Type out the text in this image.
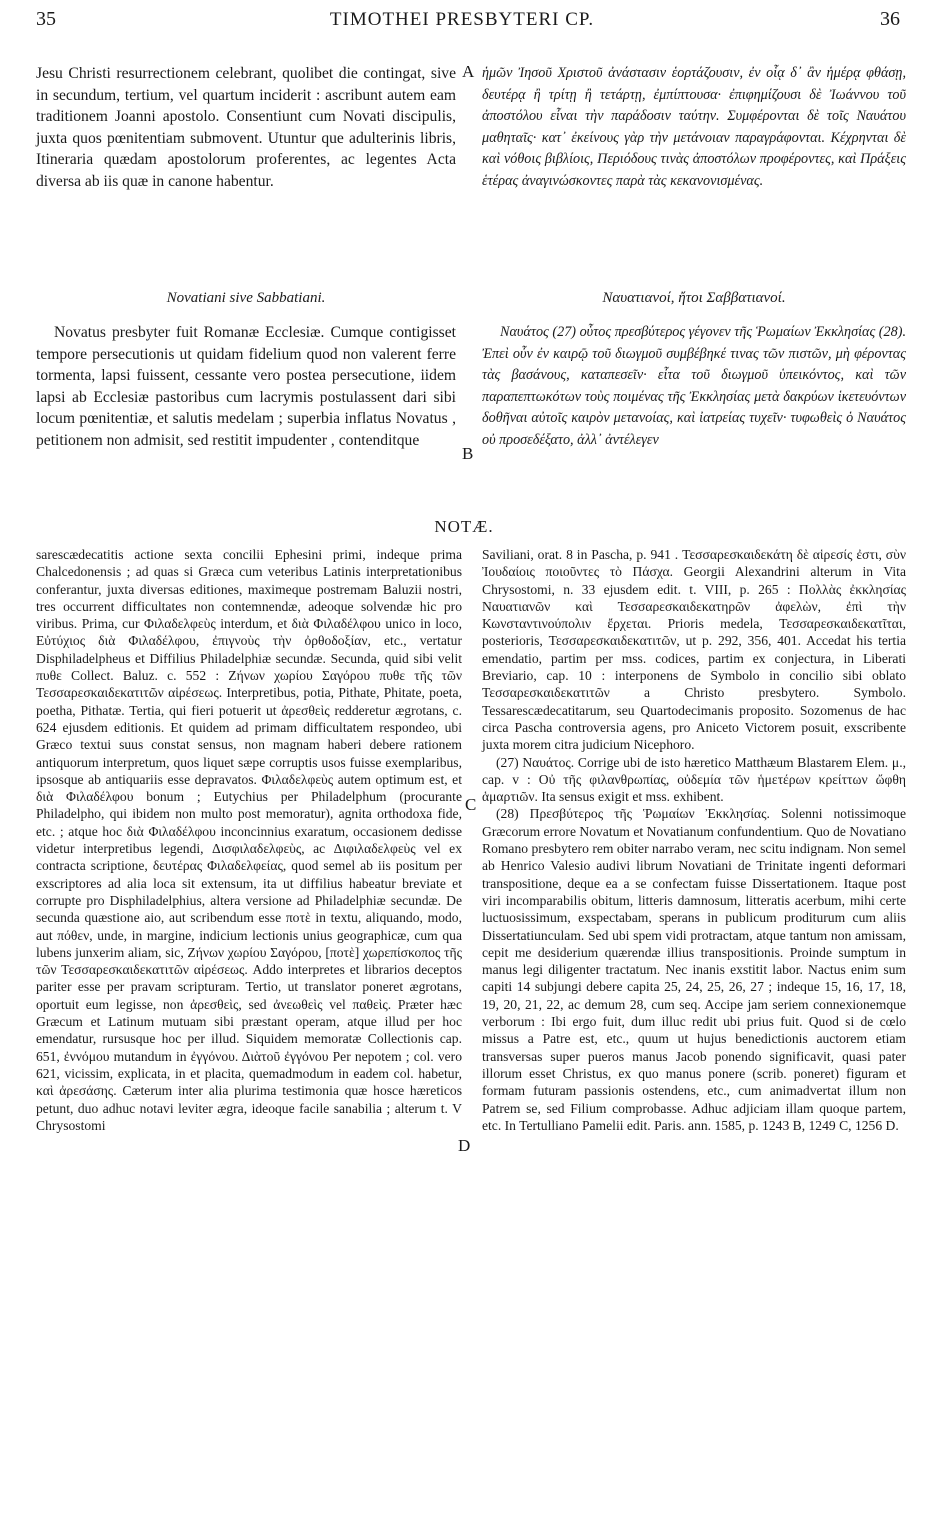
35	TIMOTHEI PRESBYTERI CP.	36
A
B
C
D

Jesu Christi resurrectionem celebrant, quolibet die contingat, sive in secundum, tertium, vel quartum inciderit : ascribunt autem eam traditionem Joanni apostolo. Consentiunt cum Novati discipulis, juxta quos pœnitentiam submovent. Utuntur que adulterinis libris, Itineraria quædam apostolorum proferentes, ac legentes Acta diversa ab iis quæ in canone habentur.

ἡμῶν Ἰησοῦ Χριστοῦ ἀνάστασιν ἑορτάζουσιν, ἐν οἷᾳ δ᾽ ἂν ἡμέρᾳ φθάσῃ, δευτέρᾳ ἢ τρίτῃ ἢ τετάρτῃ, ἐμπίπτουσα· ἐπιφημίζουσι δὲ Ἰωάννου τοῦ ἀποστόλου εἶναι τὴν παράδοσιν ταύτην. Συμφέρονται δὲ τοῖς Ναυάτου μαθηταῖς· κατ᾽ ἐκείνους γὰρ τὴν μετάνοιαν παραγράφονται. Κέχρηνται δὲ καὶ νόθοις βιβλίοις, Περιόδους τινὰς ἀποστόλων προφέροντες, καὶ Πράξεις ἑτέρας ἀναγινώσκοντες παρὰ τὰς κεκανονισμένας.

Novatiani sive Sabbatiani.	Ναυατιανοί, ἤτοι Σαββατιανοί.

Novatus presbyter fuit Romanæ Ecclesiæ. Cumque contigisset tempore persecutionis ut quidam fidelium quod non valerent ferre tormenta, lapsi fuissent, cessante vero postea persecutione, iidem lapsi ab Ecclesiæ pastoribus cum lacrymis postulassent dari sibi locum pœnitentiæ, et salutis medelam ; superbia inflatus Novatus , petitionem non admisit, sed restitit impudenter , contenditque

Ναυάτος (27) οὗτος πρεσβύτερος γέγονεν τῆς Ῥωμαίων Ἐκκλησίας (28). Ἐπεὶ οὖν ἐν καιρῷ τοῦ διωγμοῦ συμβέβηκέ τινας τῶν πιστῶν, μὴ φέροντας τὰς βασάνους, καταπεσεῖν· εἶτα τοῦ διωγμοῦ ὑπεικόντος, καὶ τῶν παραπεπτωκότων τοὺς ποιμένας τῆς Ἐκκλησίας μετὰ δακρύων ἱκετευόντων δοθῆναι αὐτοῖς καιρὸν μετανοίας, καὶ ἰατρείας τυχεῖν· τυφωθεὶς ὁ Ναυάτος οὐ προσεδέξατο, ἀλλ᾽ ἀντέλεγεν

NOTÆ.

sarescædecatitis actione sexta concilii Ephesini primi, indeque prima Chalcedonensis ; ad quas si Græca cum veteribus Latinis interpretationibus conferantur, juxta diversas editiones, maximeque postremam Baluzii nostri, tres occurrent difficultates non contemnendæ, adeoque solvendæ hic pro viribus. Prima, cur Φιλαδελφεὺς interdum, et διὰ Φιλαδέλφου unico in loco, Εὐτύχιος διὰ Φιλαδέλφου, ἐπιγνοὺς τὴν ὀρθοδοξίαν, etc., vertatur Disphiladelpheus et Diffilius Philadelphiæ secundæ. Secunda, quid sibi velit πυθε Collect. Baluz. c. 552 : Ζήνων χωρίου Σαγόρου πυθε τῆς τῶν Τεσσαρεσκαιδεκατιτῶν αἱρέσεως. Interpretibus, potia, Pithate, Phitate, poeta, poetha, Pithatæ. Tertia, qui fieri potuerit ut ἀρεσθεὶς redderetur ægrotans, c. 624 ejusdem editionis. Et quidem ad primam difficultatem respondeo, ubi Græco textui suus constat sensus, non magnam haberi debere rationem antiquorum interpretum, quos liquet sæpe corruptis usos fuisse exemplaribus, ipsosque ab antiquariis esse depravatos. Φιλαδελφεὺς autem optimum est, et διὰ Φιλαδέλφου bonum ; Eutychius per Philadelphum (procurante Philadelpho, qui ibidem non multo post memoratur), agnita orthodoxa fide, etc. ; atque hoc διὰ Φιλαδέλφου inconcinnius exaratum, occasionem dedisse videtur interpretibus legendi, Δισφιλαδελφεὺς, ac Διφιλαδελφεὺς vel ex contracta scriptione, δευτέρας Φιλαδελφείας, quod semel ab iis positum per exscriptores ad alia loca sit extensum, ita ut diffilius habeatur breviate et corrupte pro Disphiladelphius, altera versione ad Philadelphiæ secundæ. De secunda quæstione aio, aut scribendum esse ποτὲ in textu, aliquando, modo, aut πόθεν, unde, in margine, indicium lectionis unius geographicæ, cum qua lubens junxerim aliam, sic, Ζήνων χωρίου Σαγόρου, [ποτὲ] χωρεπίσκοπος τῆς τῶν Τεσσαρεσκαιδεκατιτῶν αἱρέσεως. Addo interpretes et librarios deceptos pariter esse per pravam scripturam. Tertio, ut translator poneret ægrotans, oportuit eum legisse, non ἀρεσθεὶς, sed ἀνεωθεὶς vel παθεὶς. Præter hæc Græcum et Latinum mutuam sibi præstant operam, atque illud per hoc emendatur, rursusque hoc per illud. Siquidem memoratæ Collectionis cap. 651, ἐννόμου mutandum in ἐγγόνου. Διὰτοῦ ἐγγόνου Per nepotem ; col. vero 621, vicissim, explicata, in et placita, quemadmodum in eadem col. habetur, καὶ ἀρεσάσης. Cæterum inter alia plurima testimonia quæ hosce hæreticos petunt, duo adhuc notavi leviter ægra, ideoque facile sanabilia ; alterum t. V Chrysostomi

Saviliani, orat. 8 in Pascha, p. 941 . Τεσσαρεσκαιδεκάτη δὲ αἱρεσίς ἐστι, σὺν Ἰουδαίοις ποιοῦντες τὸ Πάσχα. Georgii Alexandrini alterum in Vita Chrysostomi, n. 33 ejusdem edit. t. VIII, p. 265 : Πολλὰς ἐκκλησίας Ναυατιανῶν καὶ Τεσσαρεσκαιδεκατηρῶν ἀφελὼν, ἐπὶ τὴν Κωνσταντινούπολιν ἔρχεται. Prioris medela, Τεσσαρεσκαιδεκατῖται, posterioris, Τεσσαρεσκαιδεκατιτῶν, ut p. 292, 356, 401. Accedat his tertia emendatio, partim per mss. codices, partim ex conjectura, in Liberati Breviario, cap. 10 : interponens de Symbolo in concilio sibi oblato Τεσσαρεσκαιδεκατιτῶν a Christo presbytero. Symbolo. Tessarescædecatitarum, seu Quartodecimanis proposito. Sozomenus de hac circa Paschа controversia agens, pro Aniceto Victorem posuit, exscribente juxta morem citra judicium Nicephoro.

(27) Ναυάτος. Corrige ubi de isto hæretico Matthæum Blastarem Elem. μ., cap. v : Οὐ τῆς φιλανθρωπίας, οὐδεμία τῶν ἡμετέρων κρείττων ὤφθη ἁμαρτιῶν. Ita sensus exigit et mss. exhibent.

(28) Πρεσβύτερος τῆς Ῥωμαίων Ἐκκλησίας. Solenni notissimoque Græcorum errore Novatum et Novatianum confundentium. Quo de Novatiano Romano presbytero rem obiter narrabo veram, nec scitu indignam. Non semel ab Henrico Valesio audivi librum Novatiani de Trinitate ingenti deformari transpositione, deque ea a se confectam fuisse Dissertationem. Itaque post viri incomparabilis obitum, litteris damnosum, litteratis acerbum, mihi certe luctuosissimum, exspectabam, sperans in publicum proditurum cum aliis Dissertatiunculam. Sed ubi spem vidi protractam, atque tantum non amissam, cepit me desiderium quærendæ illius transpositionis. Proinde sumptum in manus legi diligenter tractatum. Nec inanis exstitit labor. Nactus enim sum capiti 14 subjungi debere capita 25, 24, 25, 26, 27 ; indeque 15, 16, 17, 18, 19, 20, 21, 22, ac demum 28, cum seq. Accipe jam seriem connexionemque verborum : Ibi ergo fuit, dum illuc redit ubi prius fuit. Quod si de cœlo missus a Patre est, etc., quum ut hujus benedictionis auctorem etiam transversas super pueros manus Jacob ponendo significavit, quasi pater illorum esset Christus, ex quo manus ponere (scrib. poneret) figuram et formam futuram passionis ostendens, etc., cum animadvertat illum non Patrem se, sed Filium comprobasse. Adhuc adjiciam illam quoque partem, etc. In Tertulliano Pamelii edit. Paris. ann. 1585, p. 1243 B, 1249 C, 1256 D.
